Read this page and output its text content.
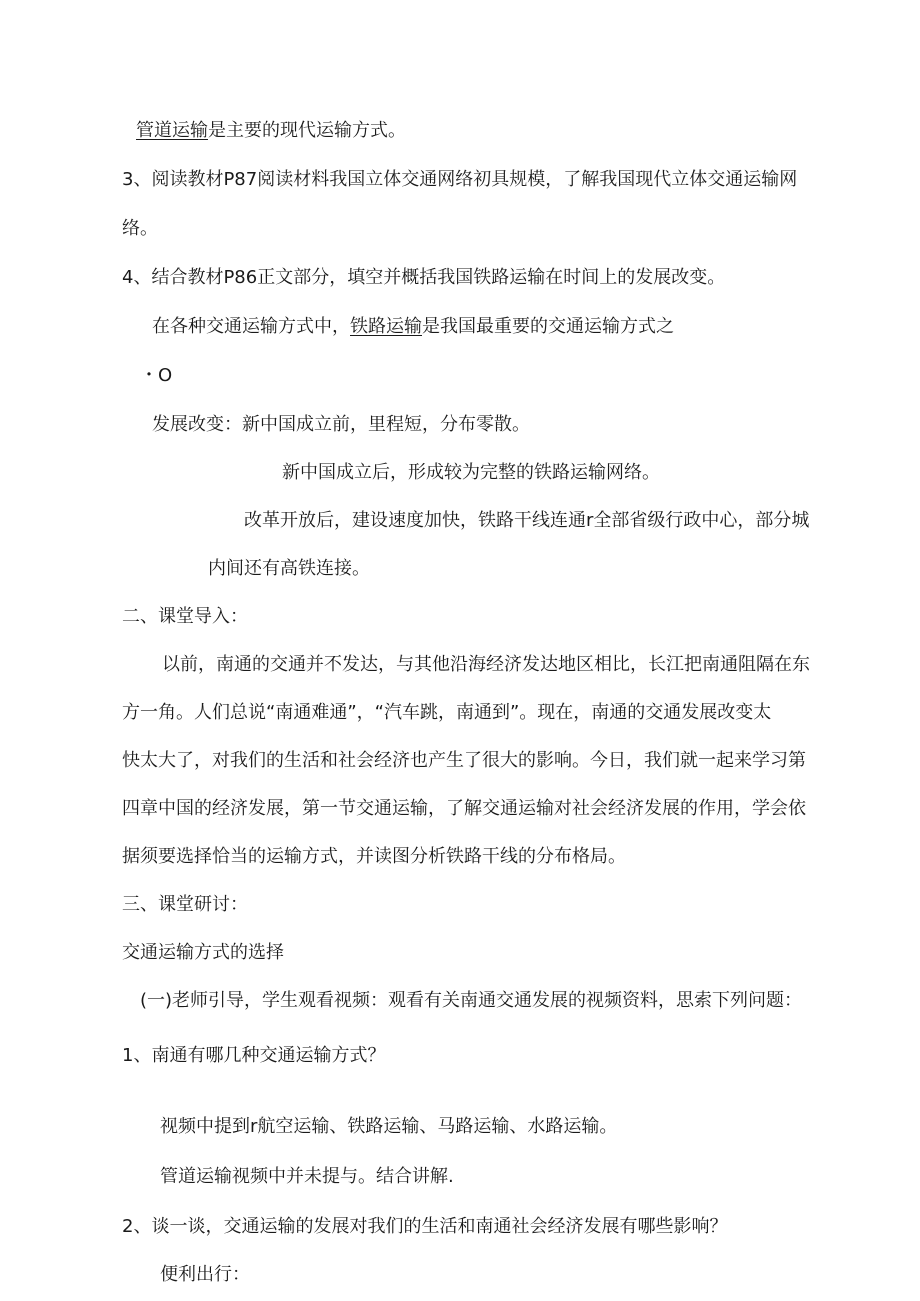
管道运输是主要的现代运输方式。
3、阅读教材P87阅读材料我国立体交通网络初具规模，了解我国现代立体交通运输网
络。
4、结合教材P86正文部分，填空并概括我国铁路运输在时间上的发展改变。
在各种交通运输方式中，铁路运输是我国最重要的交通运输方式之
・O
发展改变：新中国成立前，里程短，分布零散。
新中国成立后，形成较为完整的铁路运输网络。
改革开放后，建设速度加快，铁路干线连通r全部省级行政中心，部分城
内间还有高铁连接。
二、课堂导入：
以前，南通的交通并不发达，与其他沿海经济发达地区相比，长江把南通阻隔在东
方一角。人们总说“南通难通”，“汽车跳，南通到”。现在，南通的交通发展改变太
快太大了，对我们的生活和社会经济也产生了很大的影响。今日，我们就一起来学习第
四章中国的经济发展，第一节交通运输，了解交通运输对社会经济发展的作用，学会依
据须要选择恰当的运输方式，并读图分析铁路干线的分布格局。
三、课堂研讨：
交通运输方式的选择
(一)老师引导，学生观看视频：观看有关南通交通发展的视频资料，思索下列问题：
1、南通有哪几种交通运输方式？
视频中提到r航空运输、铁路运输、马路运输、水路运输。
管道运输视频中并未提与。结合讲解.
2、谈一谈，交通运输的发展对我们的生活和南通社会经济发展有哪些影响？
便利出行：
